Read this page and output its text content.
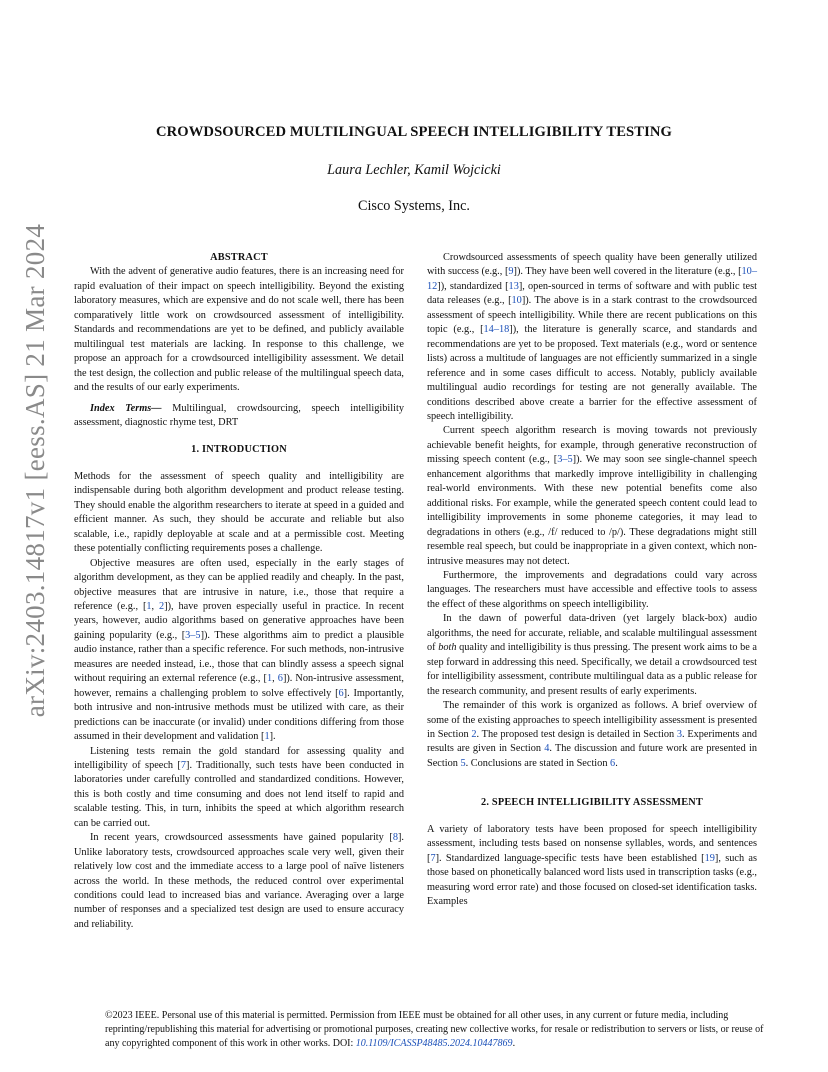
arXiv:2403.14817v1 [eess.AS] 21 Mar 2024
CROWDSOURCED MULTILINGUAL SPEECH INTELLIGIBILITY TESTING
Laura Lechler, Kamil Wojcicki
Cisco Systems, Inc.
ABSTRACT

With the advent of generative audio features, there is an increasing need for rapid evaluation of their impact on speech intelligibility. Beyond the existing laboratory measures, which are expensive and do not scale well, there has been comparatively little work on crowdsourced assessment of intelligibility. Standards and recommendations are yet to be defined, and publicly available multilingual test materials are lacking. In response to this challenge, we propose an approach for a crowdsourced intelligibility assessment. We detail the test design, the collection and public release of the multilingual speech data, and the results of our early experiments.

Index Terms— Multilingual, crowdsourcing, speech intelligibility assessment, diagnostic rhyme test, DRT

1. INTRODUCTION

Methods for the assessment of speech quality and intelligibility are indispensable during both algorithm development and product release testing. They should enable the algorithm researchers to iterate at speed in a guided and efficient manner. As such, they should be accurate and reliable but also scalable, i.e., rapidly deployable at scale and at a permissible cost. Meeting these potentially conflicting requirements poses a challenge.

Objective measures are often used, especially in the early stages of algorithm development, as they can be applied readily and cheaply. In the past, objective measures that are intrusive in nature, i.e., those that require a reference (e.g., [1, 2]), have proven especially useful in practice. In recent years, however, audio algorithms based on generative approaches have been gaining popularity (e.g., [3–5]). These algorithms aim to predict a plausible audio instance, rather than a specific reference. For such methods, non-intrusive measures are needed instead, i.e., those that can blindly assess a speech signal without requiring an external reference (e.g., [1, 6]). Non-intrusive assessment, however, remains a challenging problem to solve effectively [6]. Importantly, both intrusive and non-intrusive methods must be utilized with care, as their predictions can be inaccurate (or invalid) under conditions differing from those assumed in their development and validation [1].

Listening tests remain the gold standard for assessing quality and intelligibility of speech [7]. Traditionally, such tests have been conducted in laboratories under carefully controlled and standardized conditions. However, this is both costly and time consuming and does not lend itself to rapid and scalable testing. This, in turn, inhibits the speed at which algorithm research can be carried out.

In recent years, crowdsourced assessments have gained popularity [8]. Unlike laboratory tests, crowdsourced approaches scale very well, given their relatively low cost and the immediate access to a large pool of naïve listeners across the world. In these methods, the reduced control over experimental conditions could lead to increased bias and variance. Averaging over a large number of responses and a specialized test design are used to ensure accuracy and reliability.

Crowdsourced assessments of speech quality have been generally utilized with success (e.g., [9]). They have been well covered in the literature (e.g., [10–12]), standardized [13], open-sourced in terms of software and with public test data releases (e.g., [10]). The above is in a stark contrast to the crowdsourced assessment of speech intelligibility. While there are recent publications on this topic (e.g., [14–18]), the literature is generally scarce, and standards and recommendations are yet to be proposed. Text materials (e.g., word or sentence lists) across a multitude of languages are not efficiently summarized in a single reference and in some cases difficult to access. Notably, publicly available multilingual audio recordings for testing are not generally available. The conditions described above create a barrier for the effective assessment of speech intelligibility.

Current speech algorithm research is moving towards not previously achievable benefit heights, for example, through generative reconstruction of missing speech content (e.g., [3–5]). We may soon see single-channel speech enhancement algorithms that markedly improve intelligibility in challenging real-world environments. With these new potential benefits come also additional risks. For example, while the generated speech content could lead to intelligibility improvements in some phoneme categories, it may lead to degradations in others (e.g., /f/ reduced to /p/). These degradations might still resemble real speech, but could be inappropriate in a given context, which non-intrusive measures may not detect.

Furthermore, the improvements and degradations could vary across languages. The researchers must have accessible and effective tools to assess the effect of these algorithms on speech intelligibility.

In the dawn of powerful data-driven (yet largely black-box) audio algorithms, the need for accurate, reliable, and scalable multilingual assessment of both quality and intelligibility is thus pressing. The present work aims to be a step forward in addressing this need. Specifically, we detail a crowdsourced test for intelligibility assessment, contribute multilingual data as a public release for the research community, and present results of early experiments.

The remainder of this work is organized as follows. A brief overview of some of the existing approaches to speech intelligibility assessment is presented in Section 2. The proposed test design is detailed in Section 3. Experiments and results are given in Section 4. The discussion and future work are presented in Section 5. Conclusions are stated in Section 6.

2. SPEECH INTELLIGIBILITY ASSESSMENT

A variety of laboratory tests have been proposed for speech intelligibility assessment, including tests based on nonsense syllables, words, and sentences [7]. Standardized language-specific tests have been established [19], such as those based on phonetically balanced word lists used in transcription tasks (e.g., measuring word error rate) and those focused on closed-set identification tasks. Examples

©2023 IEEE. Personal use of this material is permitted. Permission from IEEE must be obtained for all other uses, in any current or future media, including reprinting/republishing this material for advertising or promotional purposes, creating new collective works, for resale or redistribution to servers or lists, or reuse of any copyrighted component of this work in other works. DOI: 10.1109/ICASSP48485.2024.10447869.
